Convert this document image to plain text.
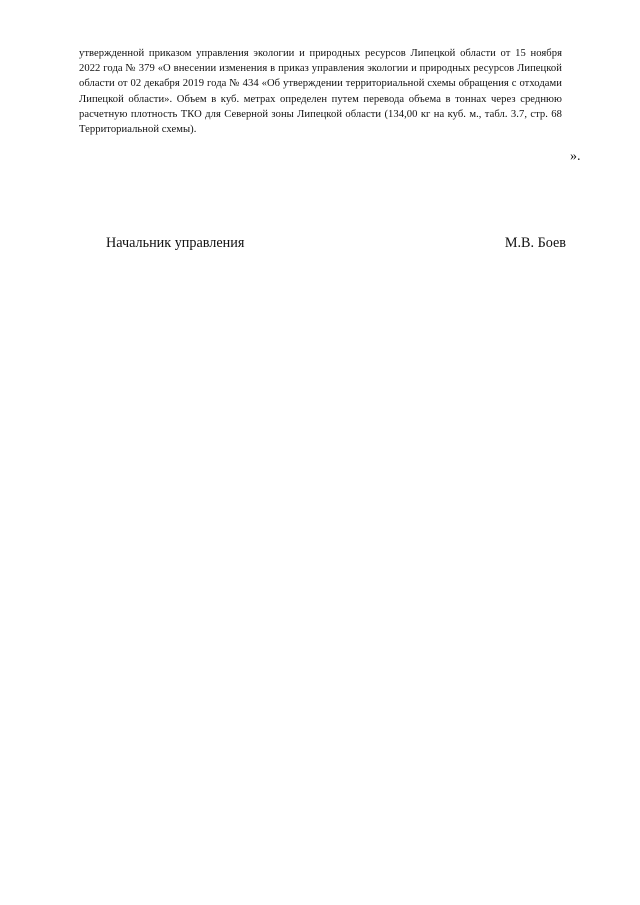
утвержденной приказом управления экологии и природных ресурсов Липецкой области от 15 ноября 2022 года № 379 «О внесении изменения в приказ управления экологии и природных ресурсов Липецкой области от 02 декабря 2019 года № 434 «Об утверждении территориальной схемы обращения с отходами Липецкой области». Объем в куб. метрах определен путем перевода объема в тоннах через среднюю расчетную плотность ТКО для Северной зоны Липецкой области (134,00 кг на куб. м., табл. 3.7, стр. 68 Территориальной схемы).

».
Начальник управления	М.В. Боев
